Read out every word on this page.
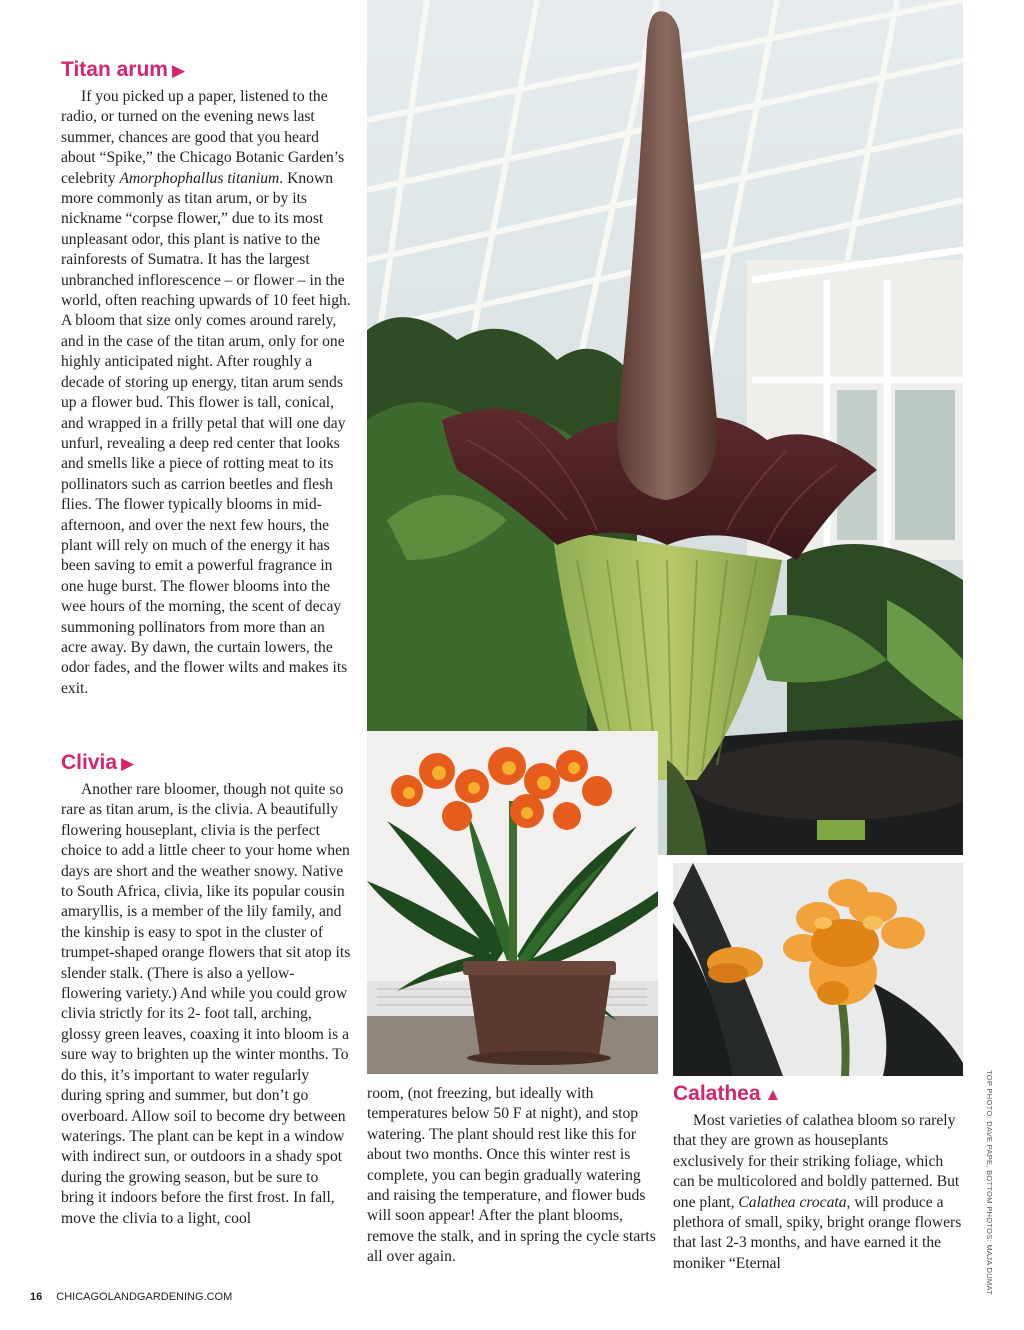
Titan arum ▶

If you picked up a paper, listened to the radio, or turned on the evening news last summer, chances are good that you heard about “Spike,” the Chicago Botanic Garden’s celebrity Amorphophallus titanium. Known more commonly as titan arum, or by its nickname “corpse flower,” due to its most unpleasant odor, this plant is native to the rainforests of Sumatra. It has the largest unbranched inflorescence – or flower – in the world, often reaching upwards of 10 feet high. A bloom that size only comes around rarely, and in the case of the titan arum, only for one highly anticipated night. After roughly a decade of storing up energy, titan arum sends up a flower bud. This flower is tall, conical, and wrapped in a frilly petal that will one day unfurl, revealing a deep red center that looks and smells like a piece of rotting meat to its pollinators such as carrion beetles and flesh flies. The flower typically blooms in mid-afternoon, and over the next few hours, the plant will rely on much of the energy it has been saving to emit a powerful fragrance in one huge burst. The flower blooms into the wee hours of the morning, the scent of decay summoning pollinators from more than an acre away. By dawn, the curtain lowers, the odor fades, and the flower wilts and makes its exit.

Clivia ▶

Another rare bloomer, though not quite so rare as titan arum, is the clivia. A beautifully flowering houseplant, clivia is the perfect choice to add a little cheer to your home when days are short and the weather snowy. Native to South Africa, clivia, like its popular cousin amaryllis, is a member of the lily family, and the kinship is easy to spot in the cluster of trumpet-shaped orange flowers that sit atop its slender stalk. (There is also a yellow-flowering variety.) And while you could grow clivia strictly for its 2- foot tall, arching, glossy green leaves, coaxing it into bloom is a sure way to brighten up the winter months. To do this, it’s important to water regularly during spring and summer, but don’t go overboard. Allow soil to become dry between waterings. The plant can be kept in a window with indirect sun, or outdoors in a shady spot during the growing season, but be sure to bring it indoors before the first frost. In fall, move the clivia to a light, cool

room, (not freezing, but ideally with temperatures below 50 F at night), and stop watering. The plant should rest like this for about two months. Once this winter rest is complete, you can begin gradually watering and raising the temperature, and flower buds will soon appear! After the plant blooms, remove the stalk, and in spring the cycle starts all over again.

Calathea ▲

Most varieties of calathea bloom so rarely that they are grown as houseplants exclusively for their striking foliage, which can be multicolored and boldly patterned. But one plant, Calathea crocata, will produce a plethora of small, spiky, bright orange flowers that last 2-3 months, and have earned it the moniker “Eternal	TOP PHOTO: DAVE PAPE, BOTTOM PHOTOS: MAJA DUMAT
16 CHICAGOLANDGARDENING.COM
